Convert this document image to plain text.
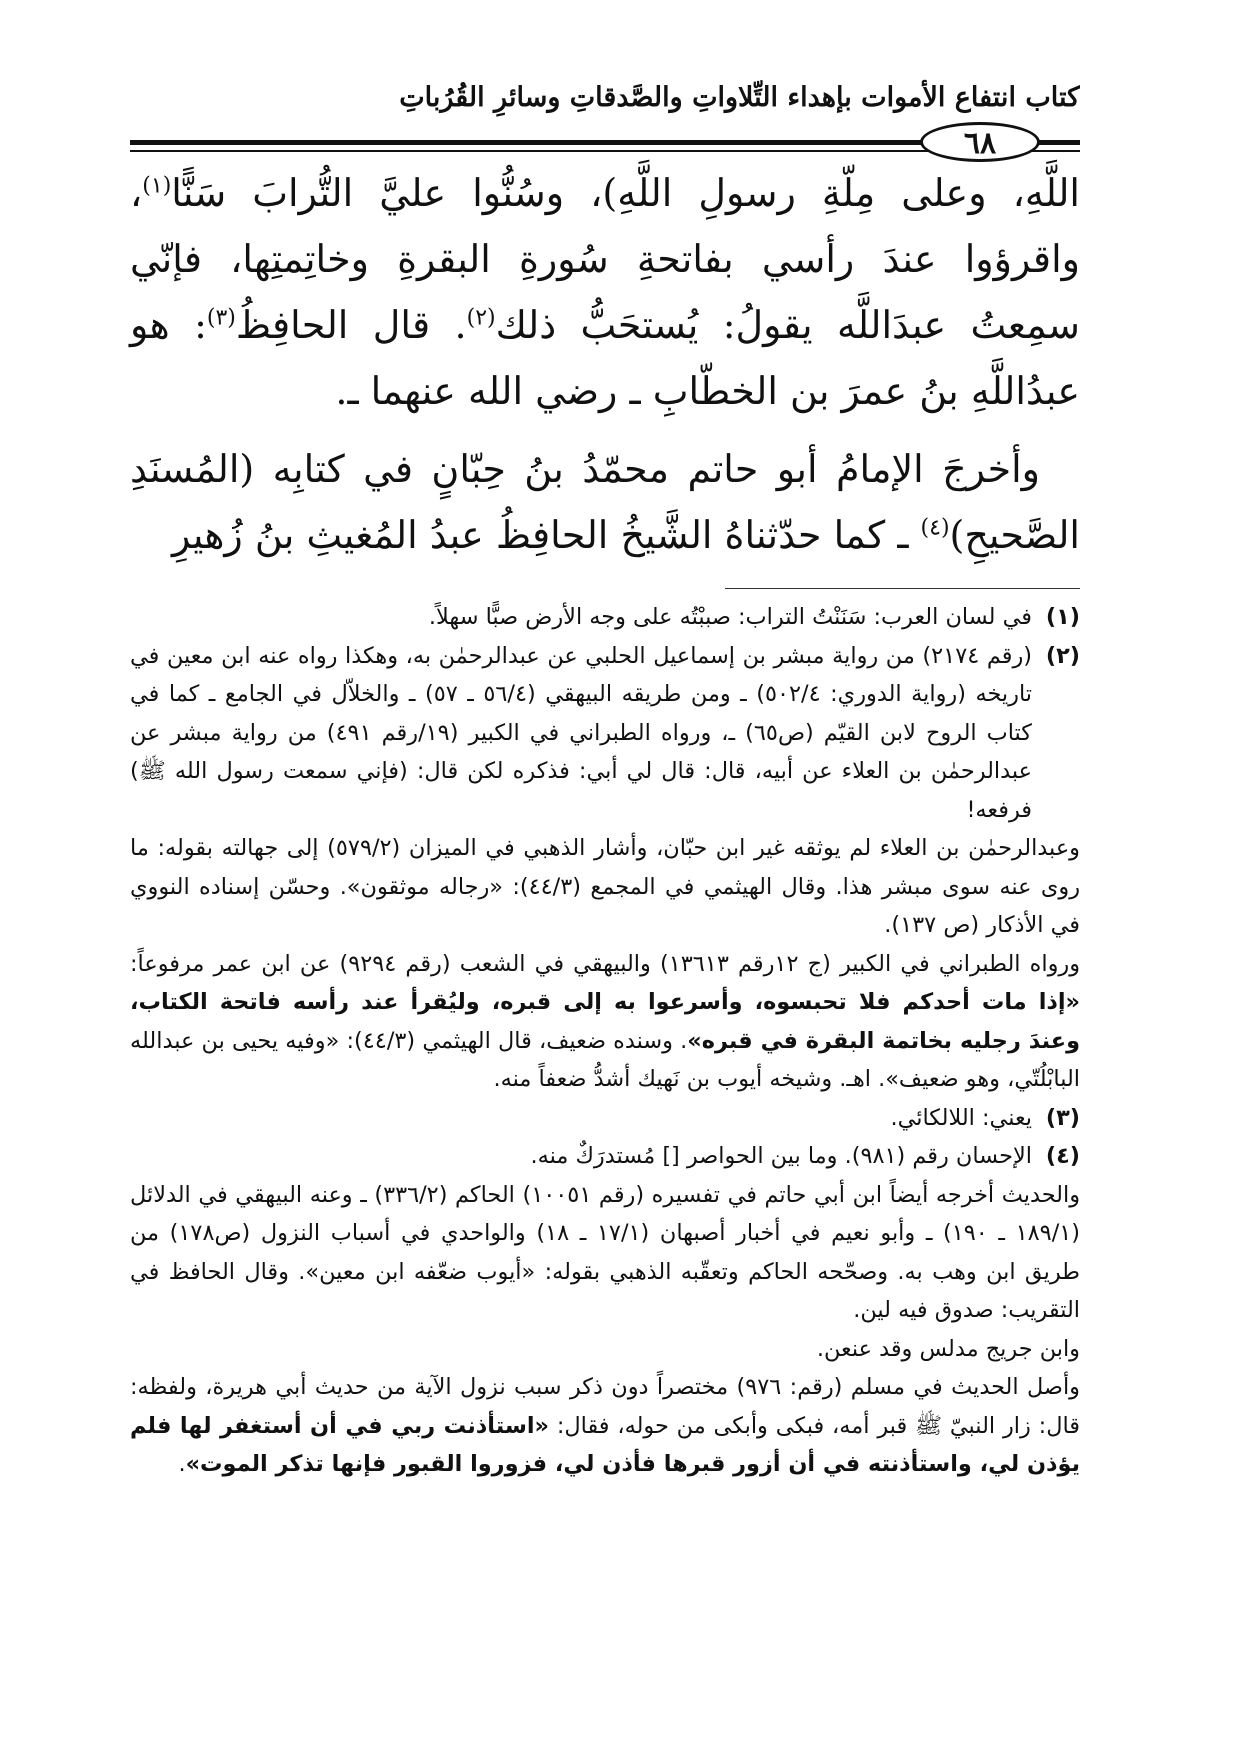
كتاب انتفاع الأموات بإهداء التِّلاواتِ والصَّدقاتِ وسائرِ القُرُباتِ
٦٨

اللَّهِ، وعلى مِلّةِ رسولِ اللَّهِ)، وسُنُّوا عليَّ التُّرابَ سَنًّا$^{(١)}$، واقرؤوا عندَ رأسي بفاتحةِ سُورةِ البقرةِ وخاتِمتِها، فإنّي سمِعتُ عبدَاللَّه يقولُ: يُستحَبُّ ذلك$^{(٢)}$. قال الحافِظُ$^{(٣)}$: هو عبدُاللَّهِ بنُ عمرَ بن الخطّابِ ـ رضي الله عنهما ـ.

وأخرجَ الإمامُ أبو حاتم محمّدُ بنُ حِبّانٍ في كتابِه (المُسنَدِ الصَّحيحِ)$^{(٤)}$ ـ كما حدّثناهُ الشَّيخُ الحافِظُ عبدُ المُغيثِ بنُ زُهيرِ

(١)

في لسان العرب: سَنَنْتُ التراب: صببْتُه على وجه الأرض صبًّا سهلاً.

(٢)

(رقم ٢١٧٤) من رواية مبشر بن إسماعيل الحلبي عن عبدالرحمٰن به، وهكذا رواه عنه ابن معين في تاريخه (رواية الدوري: ٥٠٢/٤) ـ ومن طريقه البيهقي (٥٦/٤ ـ ٥٧) ـ والخلاّل في الجامع ـ كما في كتاب الروح لابن القيّم (ص٦٥) ـ، ورواه الطبراني في الكبير (١٩/رقم ٤٩١) من رواية مبشر عن عبدالرحمٰن بن العلاء عن أبيه، قال: قال لي أبي: فذكره لكن قال: (فإني سمعت رسول الله ﷺ) فرفعه!

وعبدالرحمٰن بن العلاء لم يوثقه غير ابن حبّان، وأشار الذهبي في الميزان (٥٧٩/٢) إلى جهالته بقوله: ما روى عنه سوى مبشر هذا. وقال الهيثمي في المجمع (٤٤/٣): «رجاله موثقون». وحسّن إسناده النووي في الأذكار (ص ١٣٧).

ورواه الطبراني في الكبير (ج ١٢رقم ١٣٦١٣) والبيهقي في الشعب (رقم ٩٢٩٤) عن ابن عمر مرفوعاً: «إذا مات أحدكم فلا تحبسوه، وأسرعوا به إلى قبره، وليُقرأ عند رأسه فاتحة الكتاب، وعندَ رجليه بخاتمة البقرة في قبره». وسنده ضعيف، قال الهيثمي (٤٤/٣): «وفيه يحيى بن عبدالله البابْلُتّي، وهو ضعيف». اهـ. وشيخه أيوب بن نَهيك أشدُّ ضعفاً منه.

(٣)

يعني: اللالكائي.

(٤)

الإحسان رقم (٩٨١). وما بين الحواصر [] مُستدرَكٌ منه.

والحديث أخرجه أيضاً ابن أبي حاتم في تفسيره (رقم ١٠٠٥١) الحاكم (٣٣٦/٢) ـ وعنه البيهقي في الدلائل (١٨٩/١ ـ ١٩٠) ـ وأبو نعيم في أخبار أصبهان (١٧/١ ـ ١٨) والواحدي في أسباب النزول (ص١٧٨) من طريق ابن وهب به. وصحّحه الحاكم وتعقّبه الذهبي بقوله: «أيوب ضعّفه ابن معين». وقال الحافظ في التقريب: صدوق فيه لين.

وابن جريج مدلس وقد عنعن.

وأصل الحديث في مسلم (رقم: ٩٧٦) مختصراً دون ذكر سبب نزول الآية من حديث أبي هريرة، ولفظه: قال: زار النبيّ ﷺ قبر أمه، فبكى وأبكى من حوله، فقال: «استأذنت ربي في أن أستغفر لها فلم يؤذن لي، واستأذنته في أن أزور قبرها فأذن لي، فزوروا القبور فإنها تذكر الموت».
